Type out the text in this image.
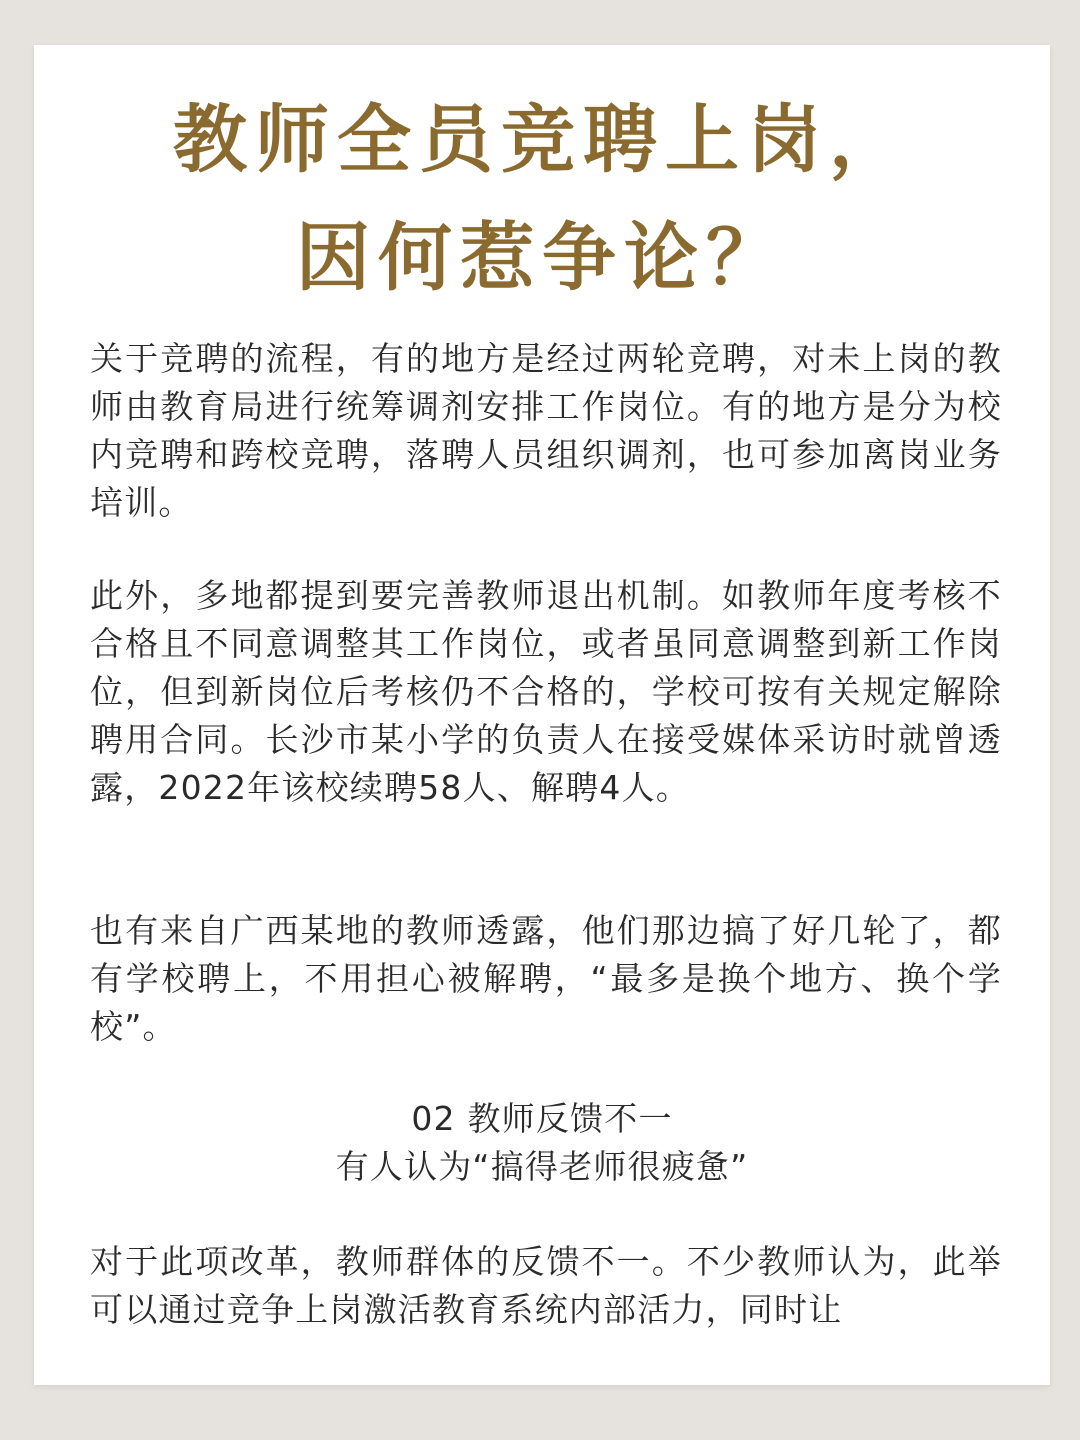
教师全员竞聘上岗，
因何惹争论？

关于竞聘的流程，有的地方是经过两轮竞聘，对未上岗的教师由教育局进行统筹调剂安排工作岗位。有的地方是分为校内竞聘和跨校竞聘，落聘人员组织调剂，也可参加离岗业务培训。

此外，多地都提到要完善教师退出机制。如教师年度考核不合格且不同意调整其工作岗位，或者虽同意调整到新工作岗位，但到新岗位后考核仍不合格的，学校可按有关规定解除聘用合同。长沙市某小学的负责人在接受媒体采访时就曾透露，2022年该校续聘58人、解聘4人。

也有来自广西某地的教师透露，他们那边搞了好几轮了，都有学校聘上，不用担心被解聘，“最多是换个地方、换个学校”。

02 教师反馈不一
有人认为“搞得老师很疲惫”

对于此项改革，教师群体的反馈不一。不少教师认为，此举可以通过竞争上岗激活教育系统内部活力，同时让
